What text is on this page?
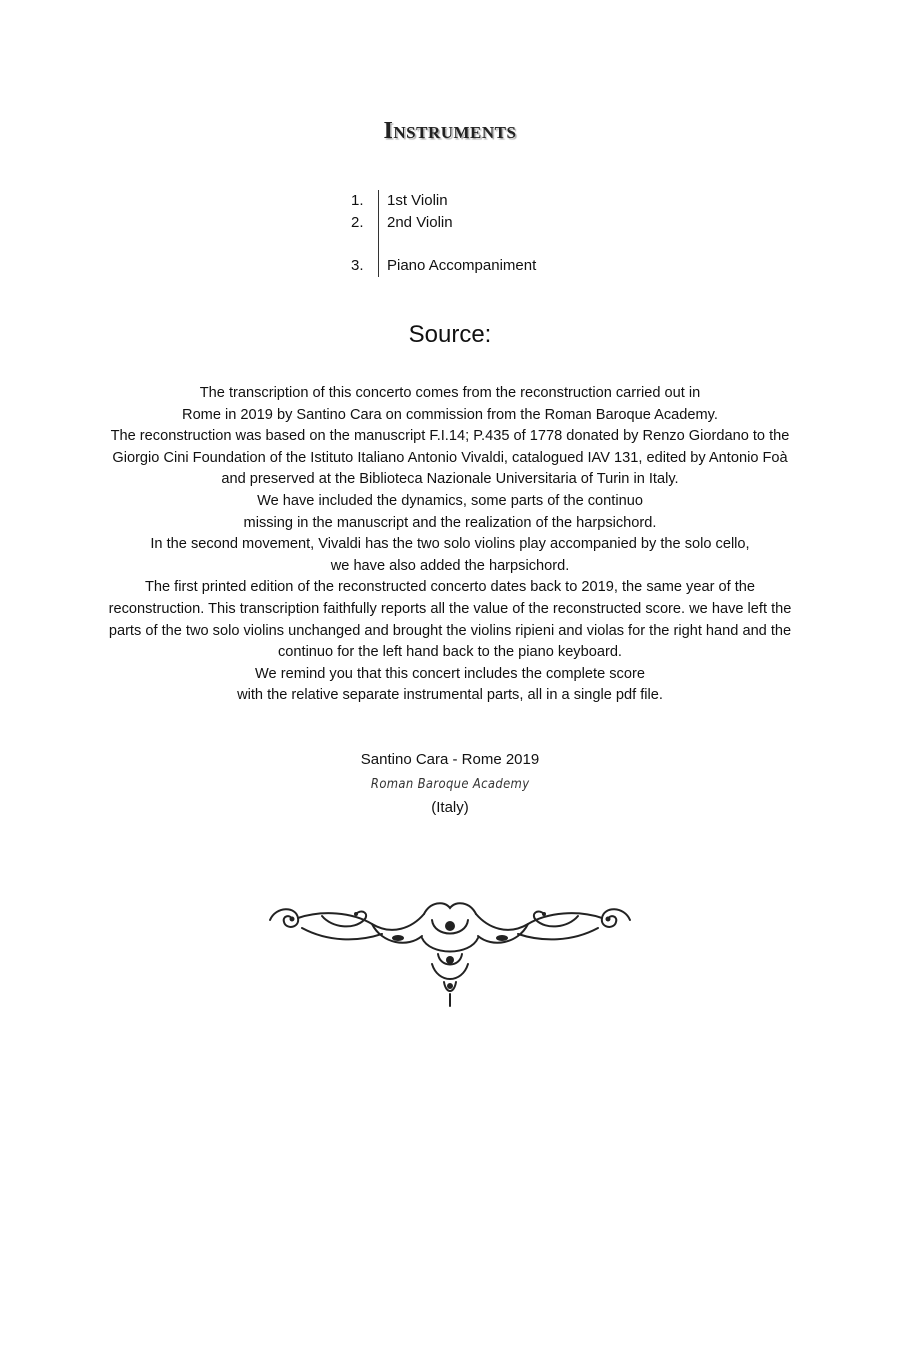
Instruments
1.	1st Violin
2.	2nd Violin
3.	Piano Accompaniment
Source:
The transcription of this concerto comes from the reconstruction carried out in
Rome in 2019 by Santino Cara on commission from the Roman Baroque Academy.
The reconstruction was based on the manuscript F.I.14; P.435 of 1778 donated by Renzo Giordano to the
Giorgio Cini Foundation of the Istituto Italiano Antonio Vivaldi, catalogued IAV 131, edited by Antonio Foà
and preserved at the Biblioteca Nazionale Universitaria of Turin in Italy.
We have included the dynamics, some parts of the continuo
missing in the manuscript and the realization of the harpsichord.
In the second movement, Vivaldi has the two solo violins play accompanied by the solo cello,
we have also added the harpsichord.
The first printed edition of the reconstructed concerto dates back to 2019, the same year of the
reconstruction. This transcription faithfully reports all the value of the reconstructed score. we have left the
parts of the two solo violins unchanged and brought the violins ripieni and violas for the right hand and the
continuo for the left hand back to the piano keyboard.
We remind you that this concert includes the complete score
with the relative separate instrumental parts, all in a single pdf file.
Santino Cara - Rome 2019
Roman Baroque Academy
(Italy)
